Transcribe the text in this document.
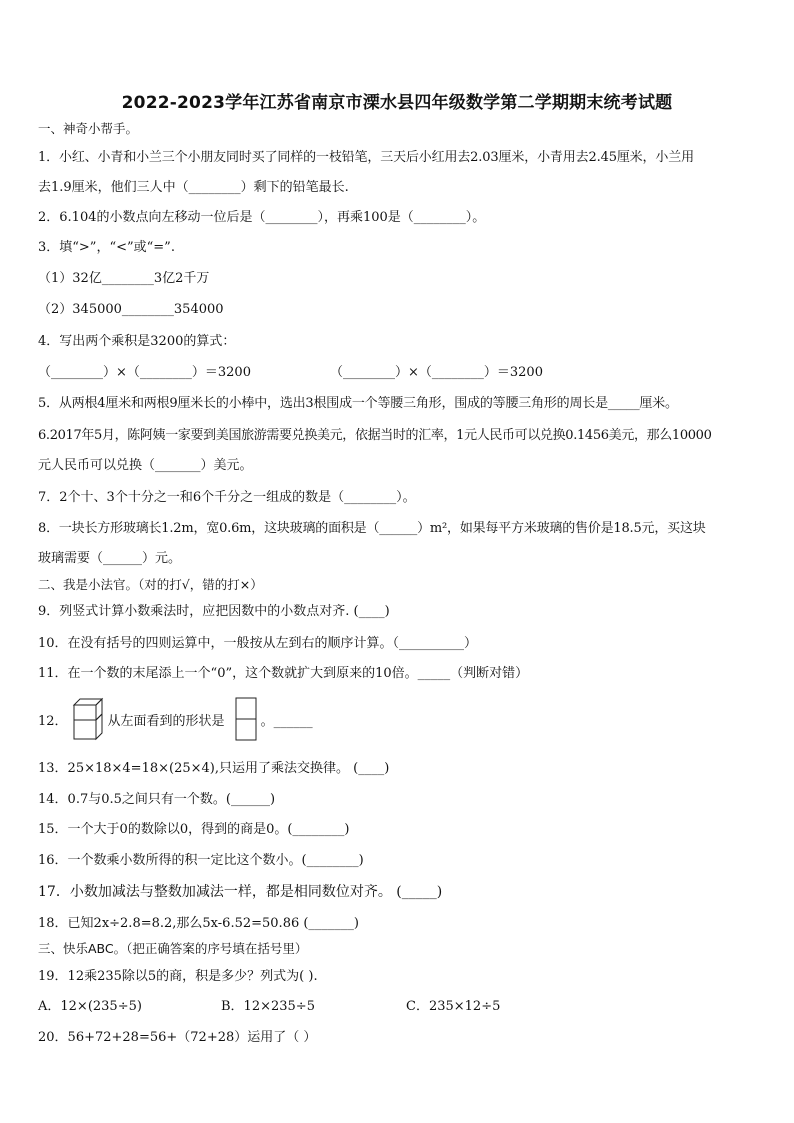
2022-2023学年江苏省南京市溧水县四年级数学第二学期期末统考试题
一、神奇小帮手。
1．小红、小青和小兰三个小朋友同时买了同样的一枝铅笔，三天后小红用去2.03厘米，小青用去2.45厘米，小兰用
去1.9厘米，他们三人中（________）剩下的铅笔最长.
2．6.104的小数点向左移动一位后是（________），再乘100是（________）。
3．填“>”，“<”或“=”.
（1）32亿________3亿2千万
（2）345000________354000
4．写出两个乘积是3200的算式：
（________）×（________）＝3200	（________）×（________）＝3200
5．从两根4厘米和两根9厘米长的小棒中，选出3根围成一个等腰三角形，围成的等腰三角形的周长是_____厘米。
6.2017年5月，陈阿姨一家要到美国旅游需要兑换美元，依据当时的汇率，1元人民币可以兑换0.1456美元，那么10000
元人民币可以兑换（_______）美元。
7．2个十、3个十分之一和6个千分之一组成的数是（________）。
8．一块长方形玻璃长1.2m，宽0.6m，这块玻璃的面积是（______）m²，如果每平方米玻璃的售价是18.5元，买这块
玻璃需要（______）元。
二、我是小法官。（对的打√，错的打×）
9．列竖式计算小数乘法时，应把因数中的小数点对齐. (____)
10．在没有括号的四则运算中，一般按从左到右的顺序计算。（__________）
11．在一个数的末尾添上一个“0”，这个数就扩大到原来的10倍。_____（判断对错）
12．	从左面看到的形状是	。______
13．25×18×4=18×(25×4),只运用了乘法交换律。 (____)
14．0.7与0.5之间只有一个数。(______)
15．一个大于0的数除以0，得到的商是0。(________)
16．一个数乘小数所得的积一定比这个数小。(________)
17．小数加减法与整数加减法一样，都是相同数位对齐。 (_____)
18．已知2x÷2.8=8.2,那么5x-6.52=50.86 (_______)
三、快乐ABC。（把正确答案的序号填在括号里）
19．12乘235除以5的商，积是多少？列式为( ).
A．12×(235÷5)	B．12×235÷5	C．235×12÷5
20．56+72+28=56+（72+28）运用了（ ）
